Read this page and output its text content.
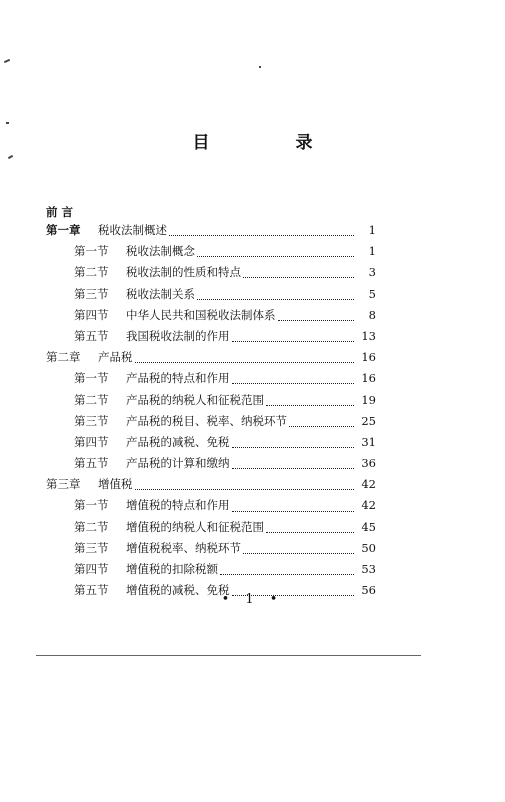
目 录
前 言
第一章	税收法制概述	1
第一节	税收法制概念	1
第二节	税收法制的性质和特点	3
第三节	税收法制关系	5
第四节	中华人民共和国税收法制体系	8
第五节	我国税收法制的作用	13
第二章	产品税	16
第一节	产品税的特点和作用	16
第二节	产品税的纳税人和征税范围	19
第三节	产品税的税目、税率、纳税环节	25
第四节	产品税的减税、免税	31
第五节	产品税的计算和缴纳	36
第三章	增值税	42
第一节	增值税的特点和作用	42
第二节	增值税的纳税人和征税范围	45
第三节	增值税税率、纳税环节	50
第四节	增值税的扣除税额	53
第五节	增值税的减税、免税	56
• 1 •
